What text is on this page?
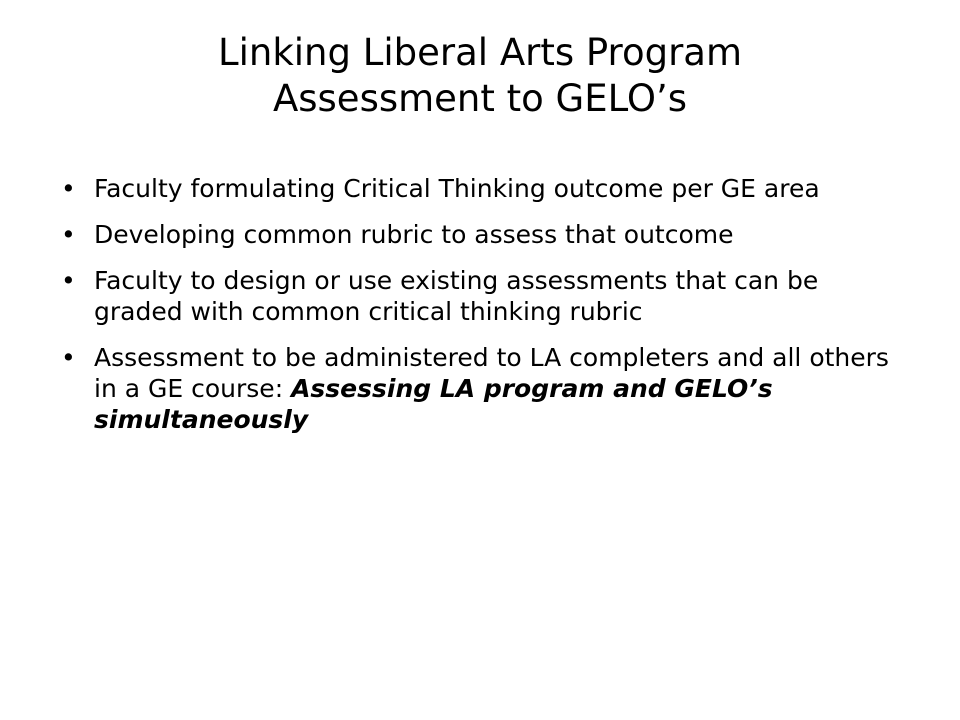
Linking Liberal Arts Program
Assessment to GELO’s
• Faculty formulating Critical Thinking outcome per GE area
• Developing common rubric to assess that outcome
• Faculty to design or use existing assessments that can be graded with common critical thinking rubric
• Assessment to be administered to LA completers and all others in a GE course: Assessing LA program and GELO’s simultaneously
